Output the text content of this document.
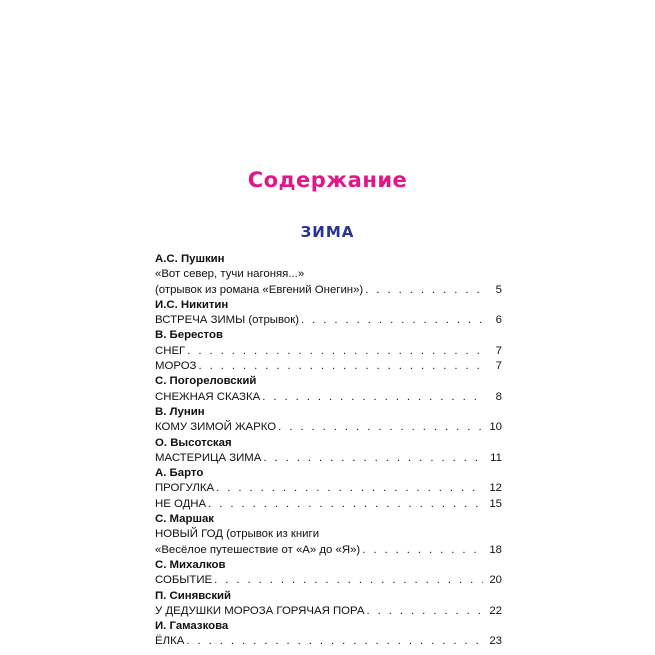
Содержание
ЗИМА
А.С. Пушкин
«Вот север, тучи нагоняя...»
(отрывок из романа «Евгений Онегин») . . .	5
И.С. Никитин
ВСТРЕЧА ЗИМЫ (отрывок) . . .	6
В. Берестов
СНЕГ . . .	7
МОРОЗ . . .	7
С. Погореловский
СНЕЖНАЯ СКАЗКА . . .	8
В. Лунин
КОМУ ЗИМОЙ ЖАРКО . . .	10
О. Высотская
МАСТЕРИЦА ЗИМА . . .	11
А. Барто
ПРОГУЛКА . . .	12
НЕ ОДНА . . .	15
С. Маршак
НОВЫЙ ГОД (отрывок из книги
«Весёлое путешествие от «А» до «Я») . . .	18
С. Михалков
СОБЫТИЕ . . .	20
П. Синявский
У ДЕДУШКИ МОРОЗА ГОРЯЧАЯ ПОРА . . .	22
И. Гамазкова
ЁЛКА . . .	23
